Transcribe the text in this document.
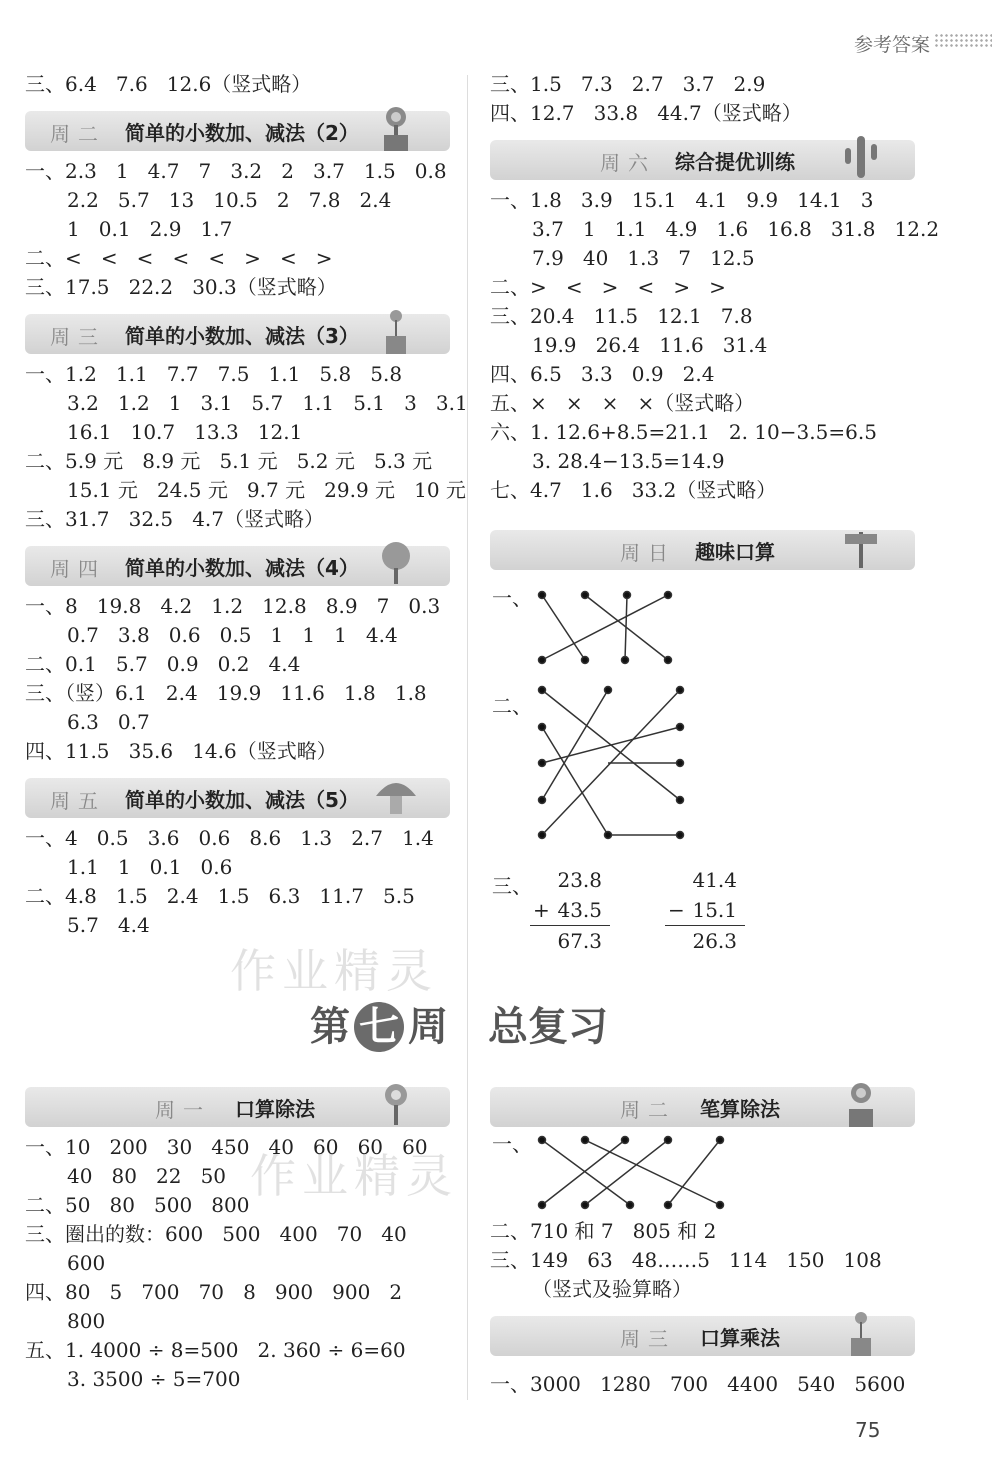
参考答案
三、6.4   7.6   12.6（竖式略）
周二 简单的小数加、减法（2）
一、2.3   1   4.7   7   3.2   2   3.7   1.5   0.8
2.2   5.7   13   10.5   2   7.8   2.4
1   0.1   2.9   1.7
二、<   <   <   <   <   >   <   >
三、17.5   22.2   30.3（竖式略）
周三 简单的小数加、减法（3）
一、1.2   1.1   7.7   7.5   1.1   5.8   5.8
3.2   1.2   1   3.1   5.7   1.1   5.1   3   3.1
16.1   10.7   13.3   12.1
二、5.9 元   8.9 元   5.1 元   5.2 元   5.3 元
15.1 元   24.5 元   9.7 元   29.9 元   10 元
三、31.7   32.5   4.7（竖式略）
周四 简单的小数加、减法（4）
一、8   19.8   4.2   1.2   12.8   8.9   7   0.3
0.7   3.8   0.6   0.5   1   1   1   4.4
二、0.1   5.7   0.9   0.2   4.4
三、（竖）6.1   2.4   19.9   11.6   1.8   1.8
6.3   0.7
四、11.5   35.6   14.6（竖式略）
周五 简单的小数加、减法（5）
一、4   0.5   3.6   0.6   8.6   1.3   2.7   1.4
1.1   1   0.1   0.6
二、4.8   1.5   2.4   1.5   6.3   11.7   5.5
5.7   4.4
三、1.5   7.3   2.7   3.7   2.9
四、12.7   33.8   44.7（竖式略）
周六 综合提优训练
一、1.8   3.9   15.1   4.1   9.9   14.1   3
3.7   1   1.1   4.9   1.6   16.8   31.8   12.2
7.9   40   1.3   7   12.5
二、>   <   >   <   >   >
三、20.4   11.5   12.1   7.8
19.9   26.4   11.6   31.4
四、6.5   3.3   0.9   2.4
五、×   ×   ×   ×（竖式略）
六、1. 12.6+8.5=21.1   2. 10−3.5=6.5
3. 28.4−13.5=14.9
七、4.7   1.6   33.2（竖式略）
周日 趣味口算
一、
二、
三、	23.8
+ 43.5
67.3
41.4
− 15.1
26.3
作业精灵
作业精灵
第 七 周 总复习
周一 口算除法
一、10   200   30   450   40   60   60   60
40   80   22   50
二、50   80   500   800
三、圈出的数：600   500   400   70   40
600
四、80   5   700   70   8   900   900   2
800
五、1. 4000 ÷ 8=500   2. 360 ÷ 6=60
3. 3500 ÷ 5=700
周二 笔算除法
一、
二、710 和 7   805 和 2
三、149   63   48……5   114   150   108
（竖式及验算略）
周三 口算乘法
一、3000   1280   700   4400   540   5600
75
